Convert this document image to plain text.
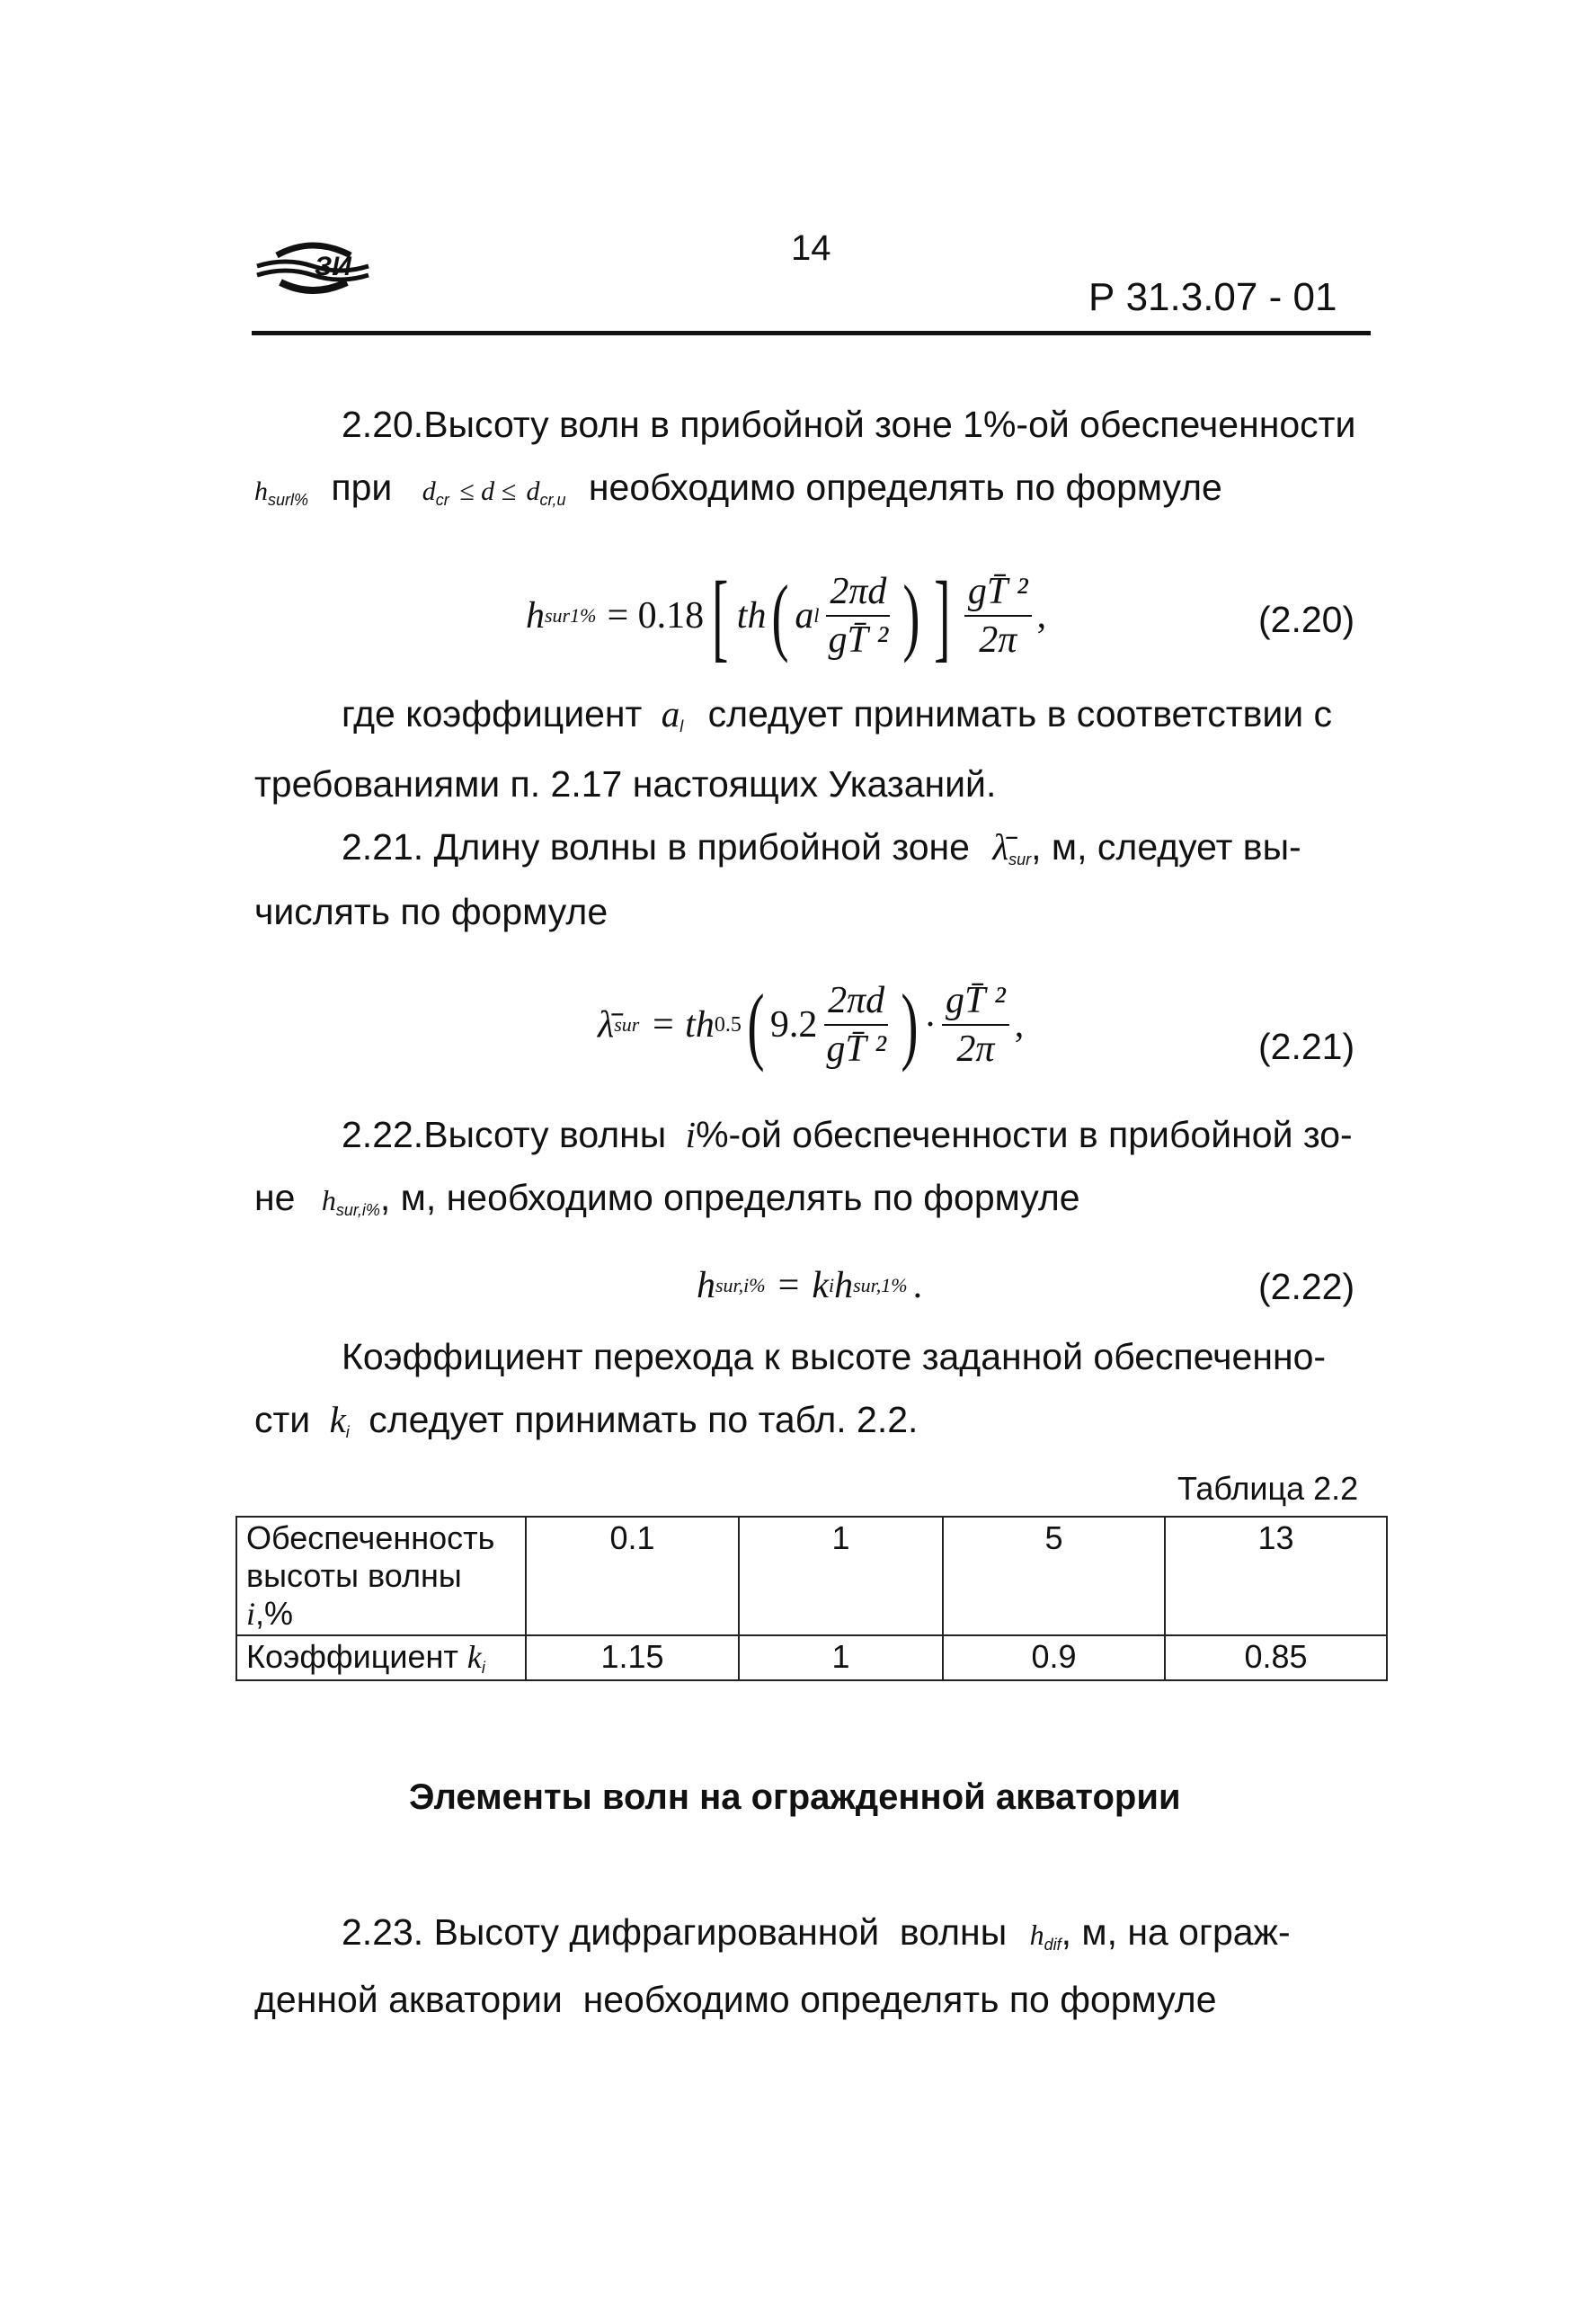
ЗИ	14
Р 31.3.07 - 01
2.20.Высоту волн в прибойной зоне 1%-ой обеспеченности
hsurl% при dcr ≤ d ≤ dcr,u необходимо определять по формуле
h sur1% = 0.18 [ th ( a l $\frac{2\pi d}{\text{gT̄ ²}}$ ) ] $\frac{\text{gT̄ ²}}{2\pi}$ ,	(2.20)
где коэффициент al следует принимать в соответствии с
требованиями п. 2.17 настоящих Указаний.
2.21. Длину волны в прибойной зоне λ̄sur, м, следует вы-
числять по формуле
λ̄ sur = th 0.5 ( $9.2 \frac{2\pi d}{\text{gT̄ ²}}$ ) · $\frac{\text{gT̄ ²}}{2\pi}$ ,
(2.21)
2.22.Высоту волны i%-ой обеспеченности в прибойной зо-
не hsur,i%, м, необходимо определять по формуле
h sur,i% = k i h sur,1% .	(2.22)
Коэффициент перехода к высоте заданной обеспеченно-
сти ki следует принимать по табл. 2.2.
Таблица 2.2
Обеспеченность
высоты волны i,%	0.1	1	5	13
Коэффициент ki	1.15	1	0.9	0.85
Элементы волн на огражденной акватории
2.23. Высоту дифрагированной  волны hdif, м, на ограж-
денной акватории  необходимо определять по формуле
